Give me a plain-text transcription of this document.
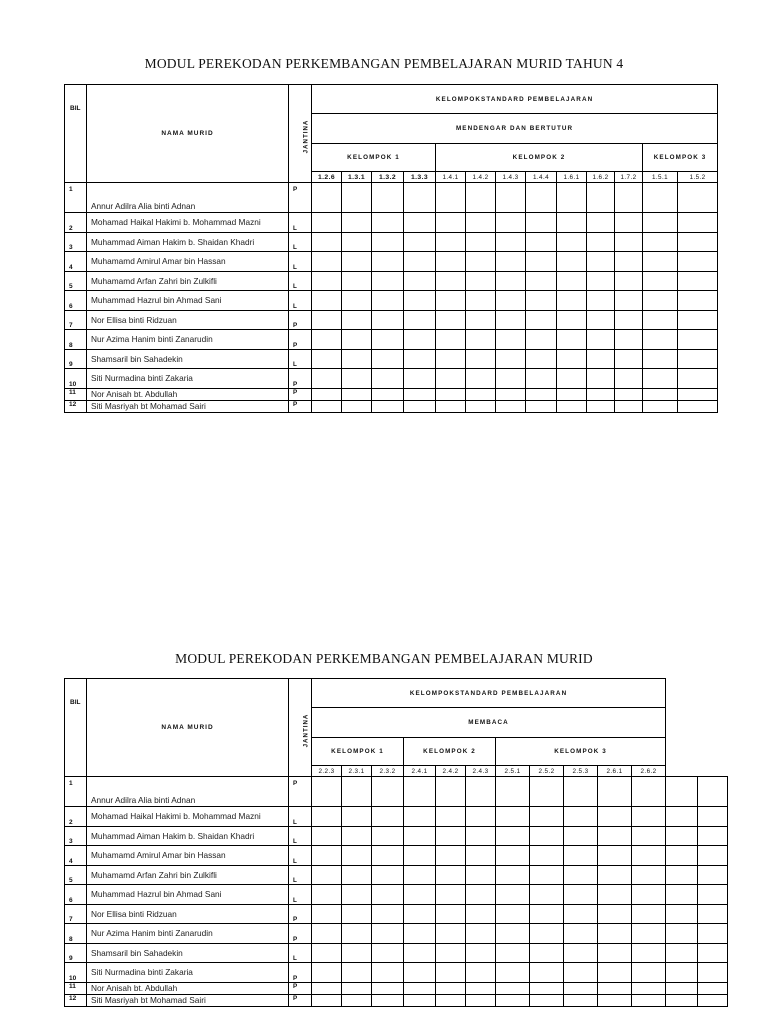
MODUL PEREKODAN PERKEMBANGAN PEMBELAJARAN MURID TAHUN 4
BIL	NAMA MURID	JANTINA	KELOMPOKSTANDARD PEMBELAJARAN												
			MENDENGAR DAN BERTUTUR												
			KELOMPOK 1				KELOMPOK 2							KELOMPOK 3	
			1.2.6	1.3.1	1.3.2	1.3.3	1.4.1	1.4.2	1.4.3	1.4.4	1.6.1	1.6.2	1.7.2	1.5.1	1.5.2
1	Annur Adilra Alia binti Adnan	P													
2	Mohamad Haikal Hakimi b. Mohammad Mazni	L													
3	Muhammad Aiman Hakim b. Shaidan Khadri	L													
4	Muhamamd Amirul Amar bin Hassan	L													
5	Muhamamd Arfan Zahri bin Zulkifli	L													
6	Muhammad Hazrul bin Ahmad Sani	L													
7	Nor Ellisa binti Ridzuan	P													
8	Nur Azima Hanim binti Zanarudin	P													
9	Shamsaril bin Sahadekin	L													
10	Siti Nurmadina binti Zakaria	P													
11	Nor Anisah bt. Abdullah	P													
12	Siti Masriyah bt Mohamad Sairi	P													
MODUL PEREKODAN PERKEMBANGAN PEMBELAJARAN MURID
BIL	NAMA MURID	JANTINA	KELOMPOKSTANDARD PEMBELAJARAN												
			MEMBACA												
			KELOMPOK 1			KELOMPOK 2			KELOMPOK 3						
			2.2.3	2.3.1	2.3.2	2.4.1	2.4.2	2.4.3	2.5.1	2.5.2	2.5.3	2.6.1	2.6.2		
1	Annur Adilra Alia binti Adnan	P													
2	Mohamad Haikal Hakimi b. Mohammad Mazni	L													
3	Muhammad Aiman Hakim b. Shaidan Khadri	L													
4	Muhamamd Amirul Amar bin Hassan	L													
5	Muhamamd Arfan Zahri bin Zulkifli	L													
6	Muhammad Hazrul bin Ahmad Sani	L													
7	Nor Ellisa binti Ridzuan	P													
8	Nur Azima Hanim binti Zanarudin	P													
9	Shamsaril bin Sahadekin	L													
10	Siti Nurmadina binti Zakaria	P													
11	Nor Anisah bt. Abdullah	P													
12	Siti Masriyah bt Mohamad Sairi	P													
